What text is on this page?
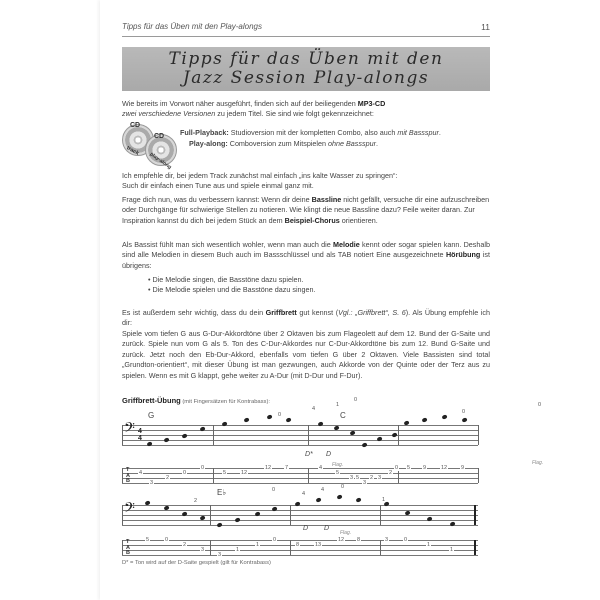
Tipps für das Üben mit den Play-alongs	11
Tipps für das Üben mit den
Jazz Session Play-alongs
Wie bereits im Vorwort näher ausgeführt, finden sich auf der beiliegenden MP3-CD
zwei verschiedene Versionen zu jedem Titel. Sie sind wie folgt gekennzeichnet:
CD
track
CD
play-along
Full-Playback: Studioversion mit der kompletten Combo, also auch mit Bassspur.
Play-along: Comboversion zum Mitspielen ohne Bassspur.
Ich empfehle dir, bei jedem Track zunächst mal einfach „ins kalte Wasser zu springen“:
Such dir einfach einen Tune aus und spiele einmal ganz mit.
Frage dich nun, was du verbessern kannst: Wenn dir deine Bassline nicht gefällt, versuche dir eine aufzuschreiben oder Durchgänge für schwierige Stellen zu notieren. Wie klingt die neue Bassline dazu? Feile weiter daran. Zur Inspiration kannst du dich bei jedem Stück an dem Beispiel-Chorus orientieren.
Als Bassist fühlt man sich wesentlich wohler, wenn man auch die Melodie kennt oder sogar spielen kann. Deshalb sind alle Melodien in diesem Buch auch im Bassschlüssel und als TAB notiert Eine ausgezeichnete Hörübung ist übrigens:
• Die Melodie singen, die Basstöne dazu spielen.
• Die Melodie spielen und die Basstöne dazu singen.
Es ist außerdem sehr wichtig, dass du dein Griffbrett gut kennst (Vgl.: „Griffbrett“, S. 6). Als Übung empfehle ich dir:
Spiele vom tiefen G aus G-Dur-Akkordtöne über 2 Oktaven bis zum Flageolett auf dem 12. Bund der G-Saite und zurück. Spiele nun vom G als 5. Ton des C-Dur-Akkordes nur C-Dur-Akkordtöne bis zum 12. Bund G-Saite und zurück. Jetzt noch den Eb-Dur-Akkord, ebenfalls vom tiefen G über 2 Oktaven. Viele Bassisten sind total „Grundton-orientiert“, mit dieser Übung ist man gezwungen, auch Akkorde von der Quinte oder der Terz aus zu spielen. Wenn es mit G klappt, gehe weiter zu A-Dur (mit D-Dur und F-Dur).
Griffbrett-Übung (mit Fingersätzen für Kontrabass):
G	C
𝄢 4
4
0
4
1
0
0
0
D* D
Flag.	Flag.
T
A
B
4
3
2
0
0
5	12
12	7	4
5
3 5 2
3
3
2
0 5 9	12	9
E♭
𝄢	2
0
4
4	0
1
D D
Flag.
T
A
B
5	0
2
3
3
1
1
0
8	13
12 8	3	0
1
1
D* = Ton wird auf der D-Saite gespielt (gilt für Kontrabass)
